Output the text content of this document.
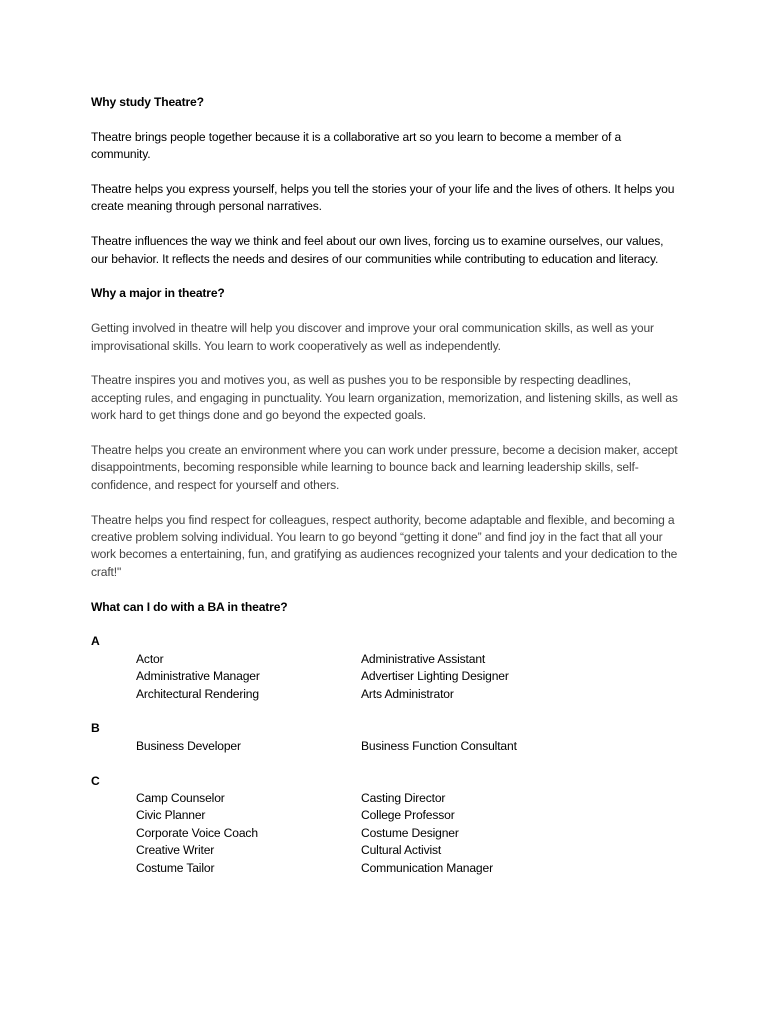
Why study Theatre?

Theatre brings people together because it is a collaborative art so you learn to become a member of a community.

Theatre helps you express yourself, helps you tell the stories your of your life and the lives of others. It helps you create meaning through personal narratives.

Theatre influences the way we think and feel about our own lives, forcing us to examine ourselves, our values, our behavior. It reflects the needs and desires of our communities while contributing to education and literacy.

Why a major in theatre?

Getting involved in theatre will help you discover and improve your oral communication skills, as well as your improvisational skills. You learn to work cooperatively as well as independently.

Theatre inspires you and motives you, as well as pushes you to be responsible by respecting deadlines, accepting rules, and engaging in punctuality. You learn organization, memorization, and listening skills, as well as work hard to get things done and go beyond the expected goals.

Theatre helps you create an environment where you can work under pressure, become a decision maker, accept disappointments, becoming responsible while learning to bounce back and learning leadership skills, self-confidence, and respect for yourself and others.

Theatre helps you find respect for colleagues, respect authority, become adaptable and flexible, and becoming a creative problem solving individual. You learn to go beyond “getting it done” and find joy in the fact that all your work becomes a entertaining, fun, and gratifying as audiences recognized your talents and your dedication to the craft!"

What can I do with a BA in theatre?

A

Actor	Administrative Assistant

Administrative Manager	Advertiser Lighting Designer

Architectural Rendering	Arts Administrator

B

Business Developer	Business Function Consultant

C

Camp Counselor	Casting Director

Civic Planner	College Professor

Corporate Voice Coach	Costume Designer

Creative Writer	Cultural Activist

Costume Tailor	Communication Manager
